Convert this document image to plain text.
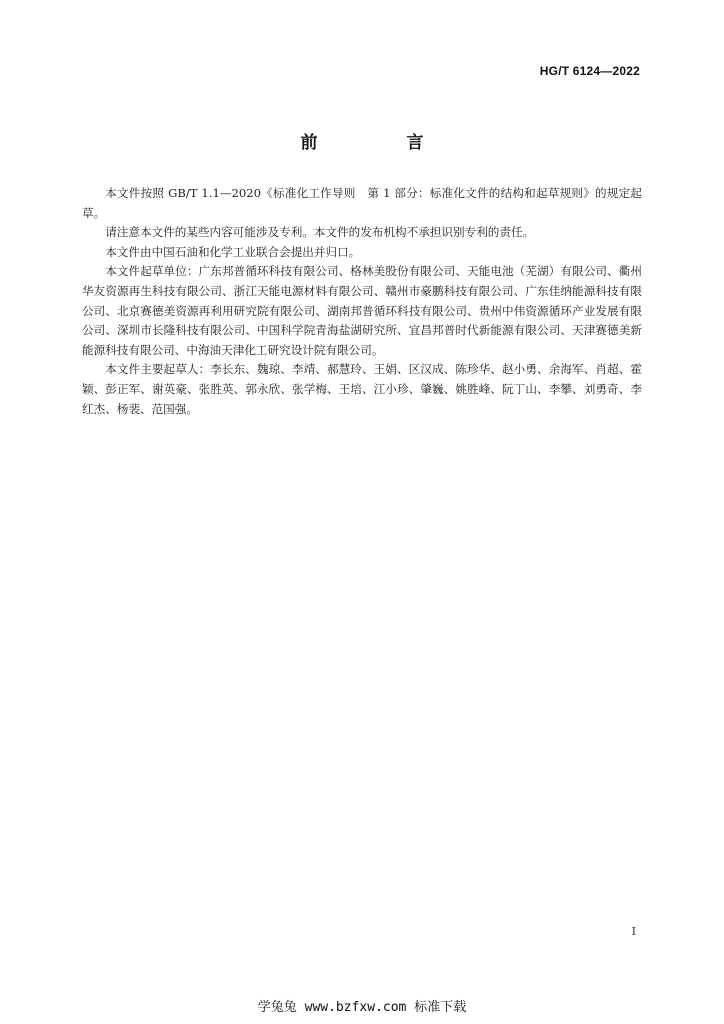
HG/T 6124—2022
前　言

本文件按照 GB/T 1.1—2020《标准化工作导则　第 1 部分：标准化文件的结构和起草规则》的规定起草。

请注意本文件的某些内容可能涉及专利。本文件的发布机构不承担识别专利的责任。

本文件由中国石油和化学工业联合会提出并归口。

本文件起草单位：广东邦普循环科技有限公司、格林美股份有限公司、天能电池（芜湖）有限公司、衢州华友资源再生科技有限公司、浙江天能电源材料有限公司、赣州市豪鹏科技有限公司、广东佳纳能源科技有限公司、北京赛德美资源再利用研究院有限公司、湖南邦普循环科技有限公司、贵州中伟资源循环产业发展有限公司、深圳市长隆科技有限公司、中国科学院青海盐湖研究所、宜昌邦普时代新能源有限公司、天津赛德美新能源科技有限公司、中海油天津化工研究设计院有限公司。

本文件主要起草人：李长东、魏琼、李靖、郝慧玲、王娟、区汉成、陈珍华、赵小勇、余海军、肖超、霍颖、彭正军、谢英豪、张胜英、郭永欣、张学梅、王培、江小珍、肇巍、姚胜峰、阮丁山、李攀、刘勇奇、李红杰、杨裴、范国强。

I
学兔兔 www.bzfxw.com 标准下载
